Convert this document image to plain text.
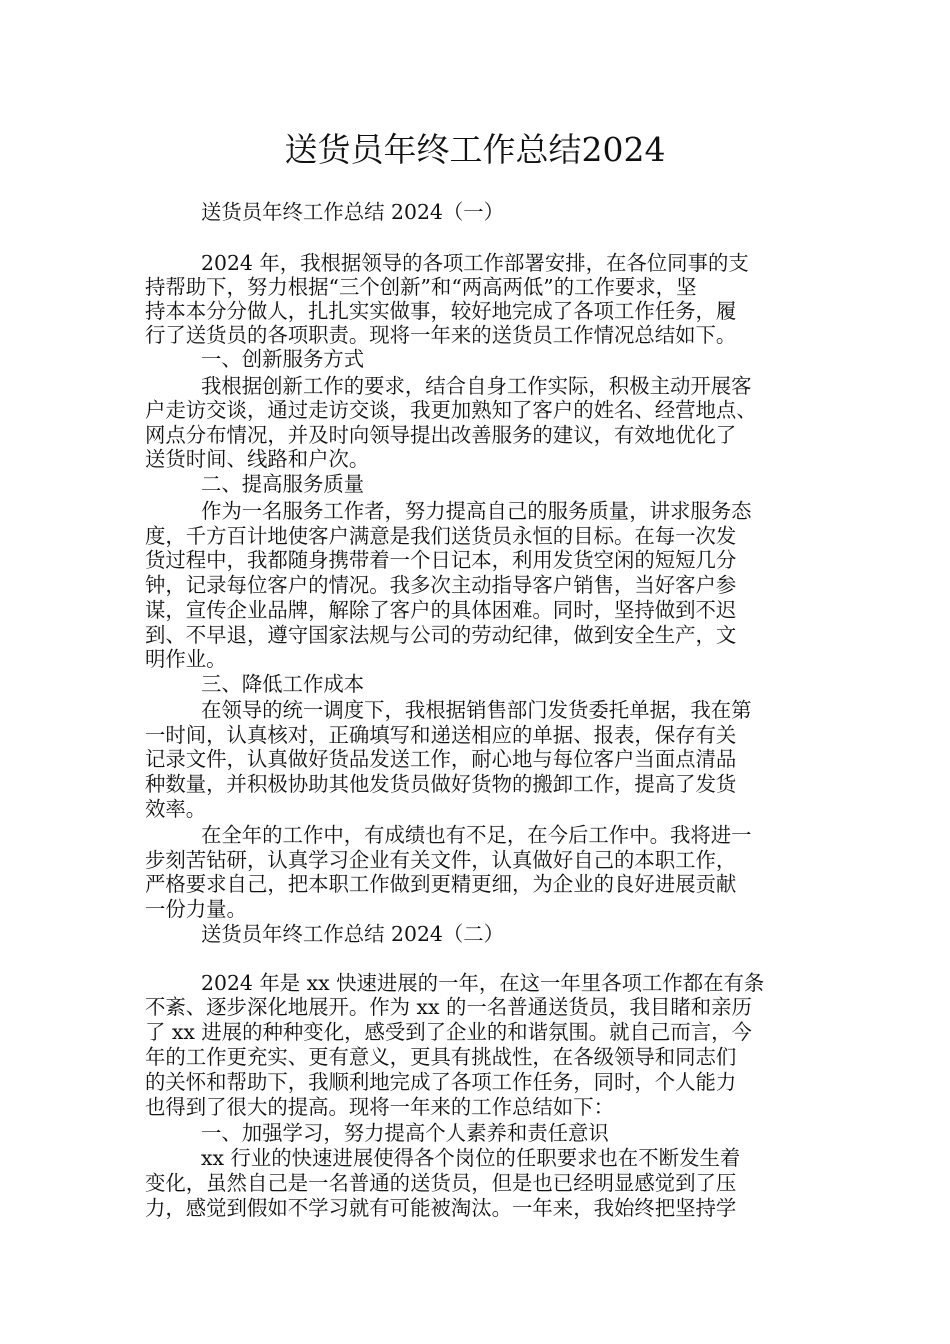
送货员年终工作总结2024
送货员年终工作总结 2024（一）
2024 年，我根据领导的各项工作部署安排，在各位同事的支
持帮助下，努力根据“三个创新”和“两高两低”的工作要求，坚
持本本分分做人，扎扎实实做事，较好地完成了各项工作任务，履
行了送货员的各项职责。现将一年来的送货员工作情况总结如下。
一、创新服务方式
我根据创新工作的要求，结合自身工作实际，积极主动开展客
户走访交谈，通过走访交谈，我更加熟知了客户的姓名、经营地点、
网点分布情况，并及时向领导提出改善服务的建议，有效地优化了
送货时间、线路和户次。
二、提高服务质量
作为一名服务工作者，努力提高自己的服务质量，讲求服务态
度，千方百计地使客户满意是我们送货员永恒的目标。在每一次发
货过程中，我都随身携带着一个日记本，利用发货空闲的短短几分
钟，记录每位客户的情况。我多次主动指导客户销售，当好客户参
谋，宣传企业品牌，解除了客户的具体困难。同时，坚持做到不迟
到、不早退，遵守国家法规与公司的劳动纪律，做到安全生产，文
明作业。
三、降低工作成本
在领导的统一调度下，我根据销售部门发货委托单据，我在第
一时间，认真核对，正确填写和递送相应的单据、报表，保存有关
记录文件，认真做好货品发送工作，耐心地与每位客户当面点清品
种数量，并积极协助其他发货员做好货物的搬卸工作，提高了发货
效率。
在全年的工作中，有成绩也有不足，在今后工作中。我将进一
步刻苦钻研，认真学习企业有关文件，认真做好自己的本职工作，
严格要求自己，把本职工作做到更精更细，为企业的良好进展贡献
一份力量。
送货员年终工作总结 2024（二）
2024 年是 xx 快速进展的一年，在这一年里各项工作都在有条
不紊、逐步深化地展开。作为 xx 的一名普通送货员，我目睹和亲历
了 xx 进展的种种变化，感受到了企业的和谐氛围。就自己而言，今
年的工作更充实、更有意义，更具有挑战性，在各级领导和同志们
的关怀和帮助下，我顺利地完成了各项工作任务，同时，个人能力
也得到了很大的提高。现将一年来的工作总结如下：
一、加强学习，努力提高个人素养和责任意识
xx 行业的快速进展使得各个岗位的任职要求也在不断发生着
变化，虽然自己是一名普通的送货员，但是也已经明显感觉到了压
力，感觉到假如不学习就有可能被淘汰。一年来，我始终把坚持学
